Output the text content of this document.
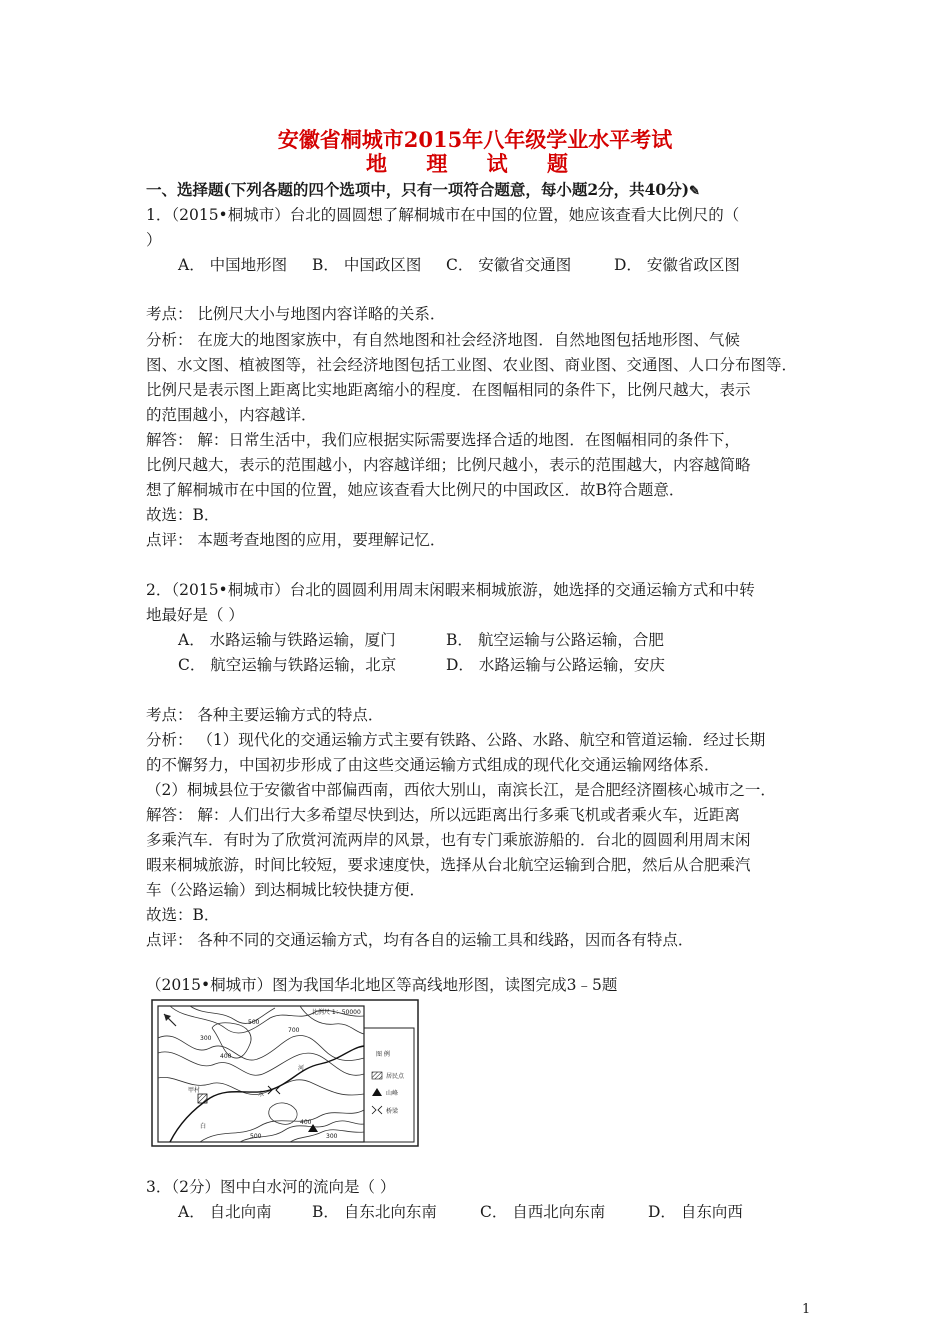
安徽省桐城市2015年八年级学业水平考试
地 理 试 题
一、选择题(下列各题的四个选项中，只有一项符合题意，每小题2分，共40分)✎
1．（2015•桐城市）台北的圆圆想了解桐城市在中国的位置，她应该查看大比例尺的（
）
A． 中国地形图 B． 中国政区图 C． 安徽省交通图	D． 安徽省政区图
考点： 比例尺大小与地图内容详略的关系．
分析： 在庞大的地图家族中，有自然地图和社会经济地图．自然地图包括地形图、气候
图、水文图、植被图等，社会经济地图包括工业图、农业图、商业图、交通图、人口分布图等．
比例尺是表示图上距离比实地距离缩小的程度．在图幅相同的条件下，比例尺越大，表示
的范围越小，内容越详．
解答： 解：日常生活中，我们应根据实际需要选择合适的地图．在图幅相同的条件下，
比例尺越大，表示的范围越小，内容越详细；比例尺越小，表示的范围越大，内容越简略
想了解桐城市在中国的位置，她应该查看大比例尺的中国政区．故B符合题意．
故选：B．
点评： 本题考查地图的应用，要理解记忆．
2．（2015•桐城市）台北的圆圆利用周末闲暇来桐城旅游，她选择的交通运输方式和中转
地最好是（ ）
A． 水路运输与铁路运输，厦门	B． 航空运输与公路运输，合肥
C． 航空运输与铁路运输，北京	D． 水路运输与公路运输，安庆
考点： 各种主要运输方式的特点．
分析： （1）现代化的交通运输方式主要有铁路、公路、水路、航空和管道运输．经过长期
的不懈努力，中国初步形成了由这些交通运输方式组成的现代化交通运输网络体系．
（2）桐城县位于安徽省中部偏西南，西依大别山，南滨长江，是合肥经济圈核心城市之一．
解答： 解：人们出行大多希望尽快到达，所以远距离出行多乘飞机或者乘火车，近距离
多乘汽车．有时为了欣赏河流两岸的风景，也有专门乘旅游船的．台北的圆圆利用周末闲
暇来桐城旅游，时间比较短，要求速度快，选择从台北航空运输到合肥，然后从合肥乘汽
车（公路运输）到达桐城比较快捷方便．
故选：B．
点评： 各种不同的交通运输方式，均有各自的运输工具和线路，因而各有特点．
（2015•桐城市）图为我国华北地区等高线地形图，读图完成3﹣5题
比例尺 1：50000
图 例
居民点
山峰
桥梁
甲村
白
水
河
300
400
500
700
500
400
300
3．（2分）图中白水河的流向是（ ）
A． 自北向南	B． 自东北向东南	C． 自西北向东南	D． 自东向西
1
